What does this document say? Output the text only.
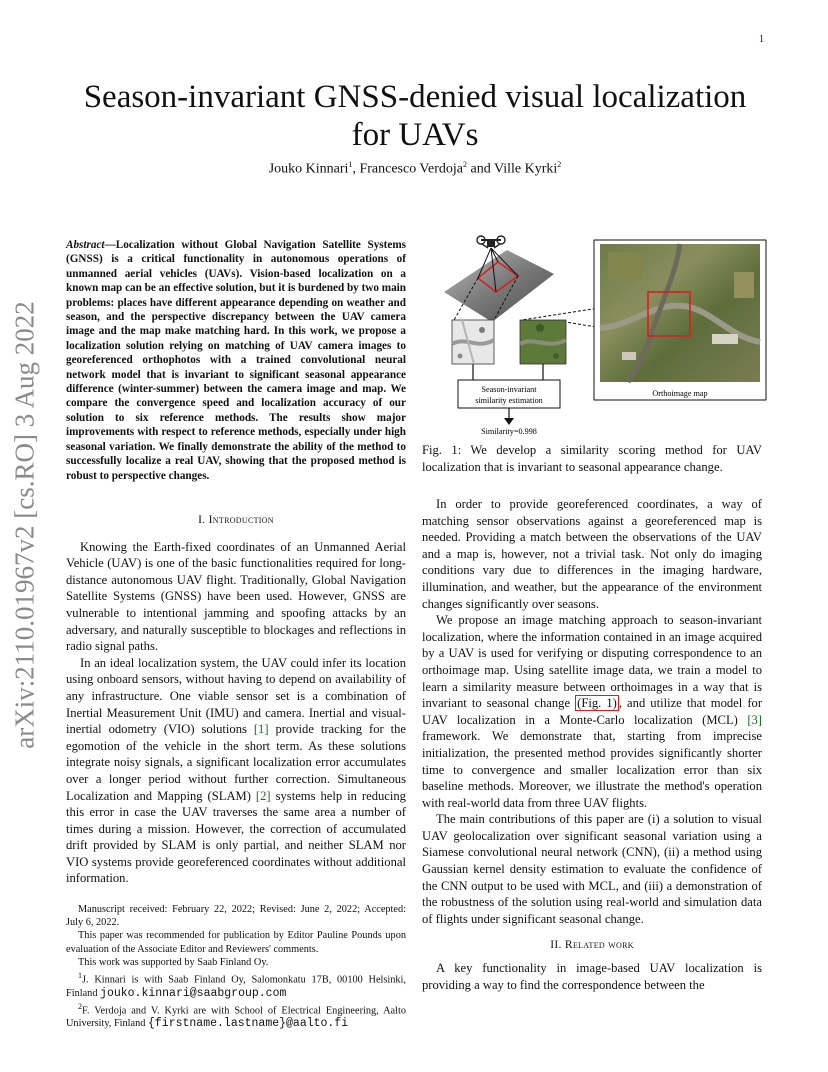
1
arXiv:2110.01967v2 [cs.RO] 3 Aug 2022
Season-invariant GNSS-denied visual localization
for UAVs
Jouko Kinnari$^1$, Francesco Verdoja$^2$ and Ville Kyrki$^2$
Abstract—Localization without Global Navigation Satellite Systems (GNSS) is a critical functionality in autonomous operations of unmanned aerial vehicles (UAVs). Vision-based localization on a known map can be an effective solution, but it is burdened by two main problems: places have different appearance depending on weather and season, and the perspective discrepancy between the UAV camera image and the map make matching hard. In this work, we propose a localization solution relying on matching of UAV camera images to georeferenced orthophotos with a trained convolutional neural network model that is invariant to significant seasonal appearance difference (winter-summer) between the camera image and map. We compare the convergence speed and localization accuracy of our solution to six reference methods. The results show major improvements with respect to reference methods, especially under high seasonal variation. We finally demonstrate the ability of the method to successfully localize a real UAV, showing that the proposed method is robust to perspective changes.
I. Introduction

Knowing the Earth-fixed coordinates of an Unmanned Aerial Vehicle (UAV) is one of the basic functionalities required for long-distance autonomous UAV flight. Traditionally, Global Navigation Satellite Systems (GNSS) have been used. However, GNSS are vulnerable to intentional jamming and spoofing attacks by an adversary, and naturally susceptible to blockages and reflections in radio signal paths.

In an ideal localization system, the UAV could infer its location using onboard sensors, without having to depend on availability of any infrastructure. One viable sensor set is a combination of Inertial Measurement Unit (IMU) and camera. Inertial and visual-inertial odometry (VIO) solutions [1] provide tracking for the egomotion of the vehicle in the short term. As these solutions integrate noisy signals, a significant localization error accumulates over a longer period without further correction. Simultaneous Localization and Mapping (SLAM) [2] systems help in reducing this error in case the UAV traverses the same area a number of times during a mission. However, the correction of accumulated drift provided by SLAM is only partial, and neither SLAM nor VIO systems provide georeferenced coordinates without additional information.

Manuscript received: February 22, 2022; Revised: June 2, 2022; Accepted: July 6, 2022.
This paper was recommended for publication by Editor Pauline Pounds upon evaluation of the Associate Editor and Reviewers' comments.
This work was supported by Saab Finland Oy.
$^1$J. Kinnari is with Saab Finland Oy, Salomonkatu 17B, 00100 Helsinki, Finland jouko.kinnari@saabgroup.com
$^2$F. Verdoja and V. Kyrki are with School of Electrical Engineering, Aalto University, Finland {firstname.lastname}@aalto.fi
Season-invariant
similarity estimation
Similarity=0.998
Orthoimage map
Fig. 1: We develop a similarity scoring method for UAV localization that is invariant to seasonal appearance change.

In order to provide georeferenced coordinates, a way of matching sensor observations against a georeferenced map is needed. Providing a match between the observations of the UAV and a map is, however, not a trivial task. Not only do imaging conditions vary due to differences in the imaging hardware, illumination, and weather, but the appearance of the environment changes significantly over seasons.

We propose an image matching approach to season-invariant localization, where the information contained in an image acquired by a UAV is used for verifying or disputing correspondence to an orthoimage map. Using satellite image data, we train a model to learn a similarity measure between orthoimages in a way that is invariant to seasonal change (Fig. 1) , and utilize that model for UAV localization in a Monte-Carlo localization (MCL) [3] framework. We demonstrate that, starting from imprecise initialization, the presented method provides significantly shorter time to convergence and smaller localization error than six baseline methods. Moreover, we illustrate the method's operation with real-world data from three UAV flights.

The main contributions of this paper are (i) a solution to visual UAV geolocalization over significant seasonal variation using a Siamese convolutional neural network (CNN), (ii) a method using Gaussian kernel density estimation to evaluate the confidence of the CNN output to be used with MCL, and (iii) a demonstration of the robustness of the solution using real-world and simulation data of flights under significant seasonal change.

II. Related work

A key functionality in image-based UAV localization is providing a way to find the correspondence between the
